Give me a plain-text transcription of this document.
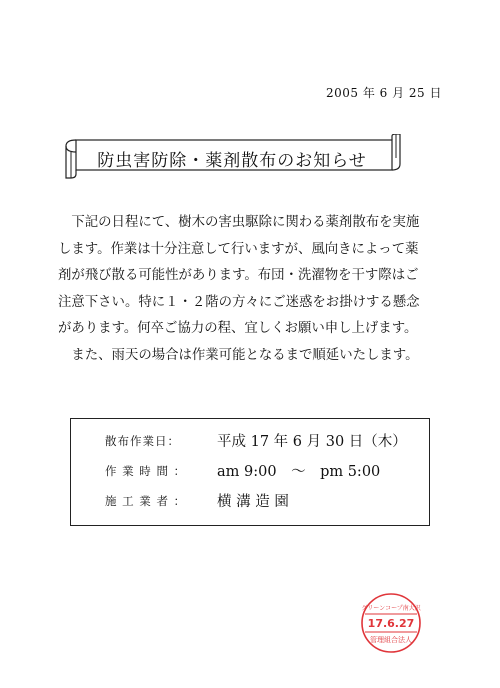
2005 年 6 月 25 日
防虫害防除・薬剤散布のお知らせ

下記の日程にて、樹木の害虫駆除に関わる薬剤散布を実施します。作業は十分注意して行いますが、風向きによって薬剤が飛び散る可能性があります。布団・洗濯物を干す際はご注意下さい。特に１・２階の方々にご迷惑をお掛けする懸念があります。何卒ご協力の程、宜しくお願い申し上げます。

また、雨天の場合は作業可能となるまで順延いたします。

散布作業日：	平成 17 年 6 月 30 日（木）
作 業 時 間 ： am 9:00　～　pm 5:00
施 工 業 者 ： 横 溝 造 園
グリーンコープ南大沢
17.6.27
管理組合法人
